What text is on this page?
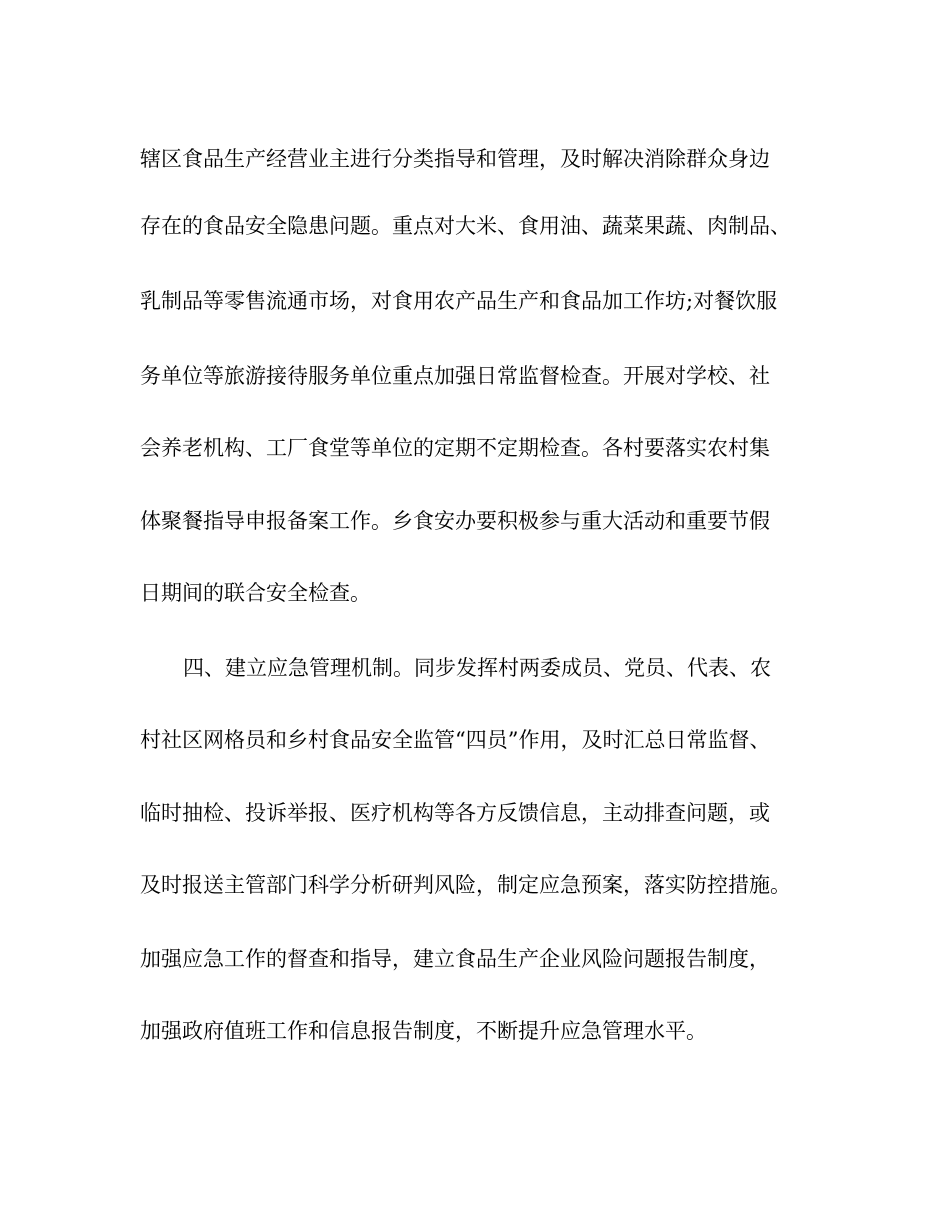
辖区食品生产经营业主进行分类指导和管理，及时解决消除群众身边
存在的食品安全隐患问题。重点对大米、食用油、蔬菜果蔬、肉制品、
乳制品等零售流通市场，对食用农产品生产和食品加工作坊;对餐饮服
务单位等旅游接待服务单位重点加强日常监督检查。开展对学校、社
会养老机构、工厂食堂等单位的定期不定期检查。各村要落实农村集
体聚餐指导申报备案工作。乡食安办要积极参与重大活动和重要节假
日期间的联合安全检查。
四、建立应急管理机制。同步发挥村两委成员、党员、代表、农
村社区网格员和乡村食品安全监管“四员”作用，及时汇总日常监督、
临时抽检、投诉举报、医疗机构等各方反馈信息，主动排查问题，或
及时报送主管部门科学分析研判风险，制定应急预案，落实防控措施。
加强应急工作的督查和指导，建立食品生产企业风险问题报告制度，
加强政府值班工作和信息报告制度，不断提升应急管理水平。
